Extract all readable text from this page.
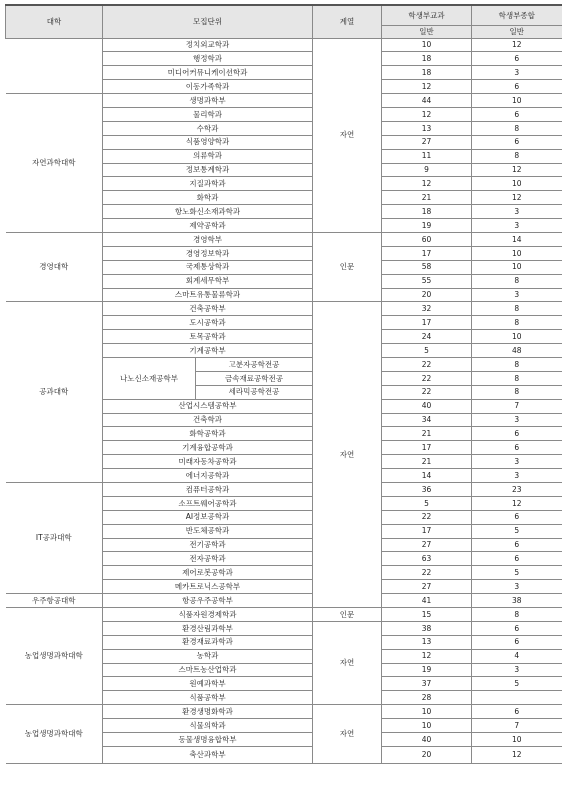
대학	모집단위		계열	학생부교과	학생부종합
				일반	일반
	정치외교학과		자연	10	12
	행정학과			18	6
	미디어커뮤니케이션학과			18	3
	이동가족학과			12	6
자연과학대학	생명과학부			44	10
	물리학과			12	6
	수학과			13	8
	식품영양학과			27	6
	의류학과			11	8
	정보통계학과			9	12
	지질과학과			12	10
	화학과			21	12
	항노화신소재과학과			18	3
	제약공학과			19	3
경영대학	경영학부		인문	60	14
	경영정보학과			17	10
	국제통상학과			58	10
	회계세무학부			55	8
	스마트유통물류학과			20	3
공과대학	건축공학부		자연	32	8
	도시공학과			17	8
	토목공학과			24	10
	기계공학부			5	48
	나노신소재공학부	고분자공학전공		22	8
		금속재료공학전공		22	8
		세라믹공학전공		22	8
	산업시스템공학부			40	7
	건축학과			34	3
	화학공학과			21	6
	기계융합공학과			17	6
	미래자동차공학과			21	3
	에너지공학과			14	3
IT공과대학	컴퓨터공학과			36	23
	소프트웨어공학과			5	12
	AI정보공학과			22	6
	반도체공학과			17	5
	전기공학과			27	6
	전자공학과			63	6
	제어로봇공학과			22	5
	메카트로닉스공학부			27	3
우주항공대학	항공우주공학부			41	38
농업생명과학대학	식품자원경제학과		인문	15	8
	환경산림과학부		자연	38	6
	환경재료과학과			13	6
	농학과			12	4
	스마트농산업학과			19	3
	원예과학부			37	5
	식품공학부			28	
농업생명과학대학	환경생명화학과		자연	10	6
	식물의학과			10	7
	동물생명융합학부			40	10
	축산과학부			20	12
